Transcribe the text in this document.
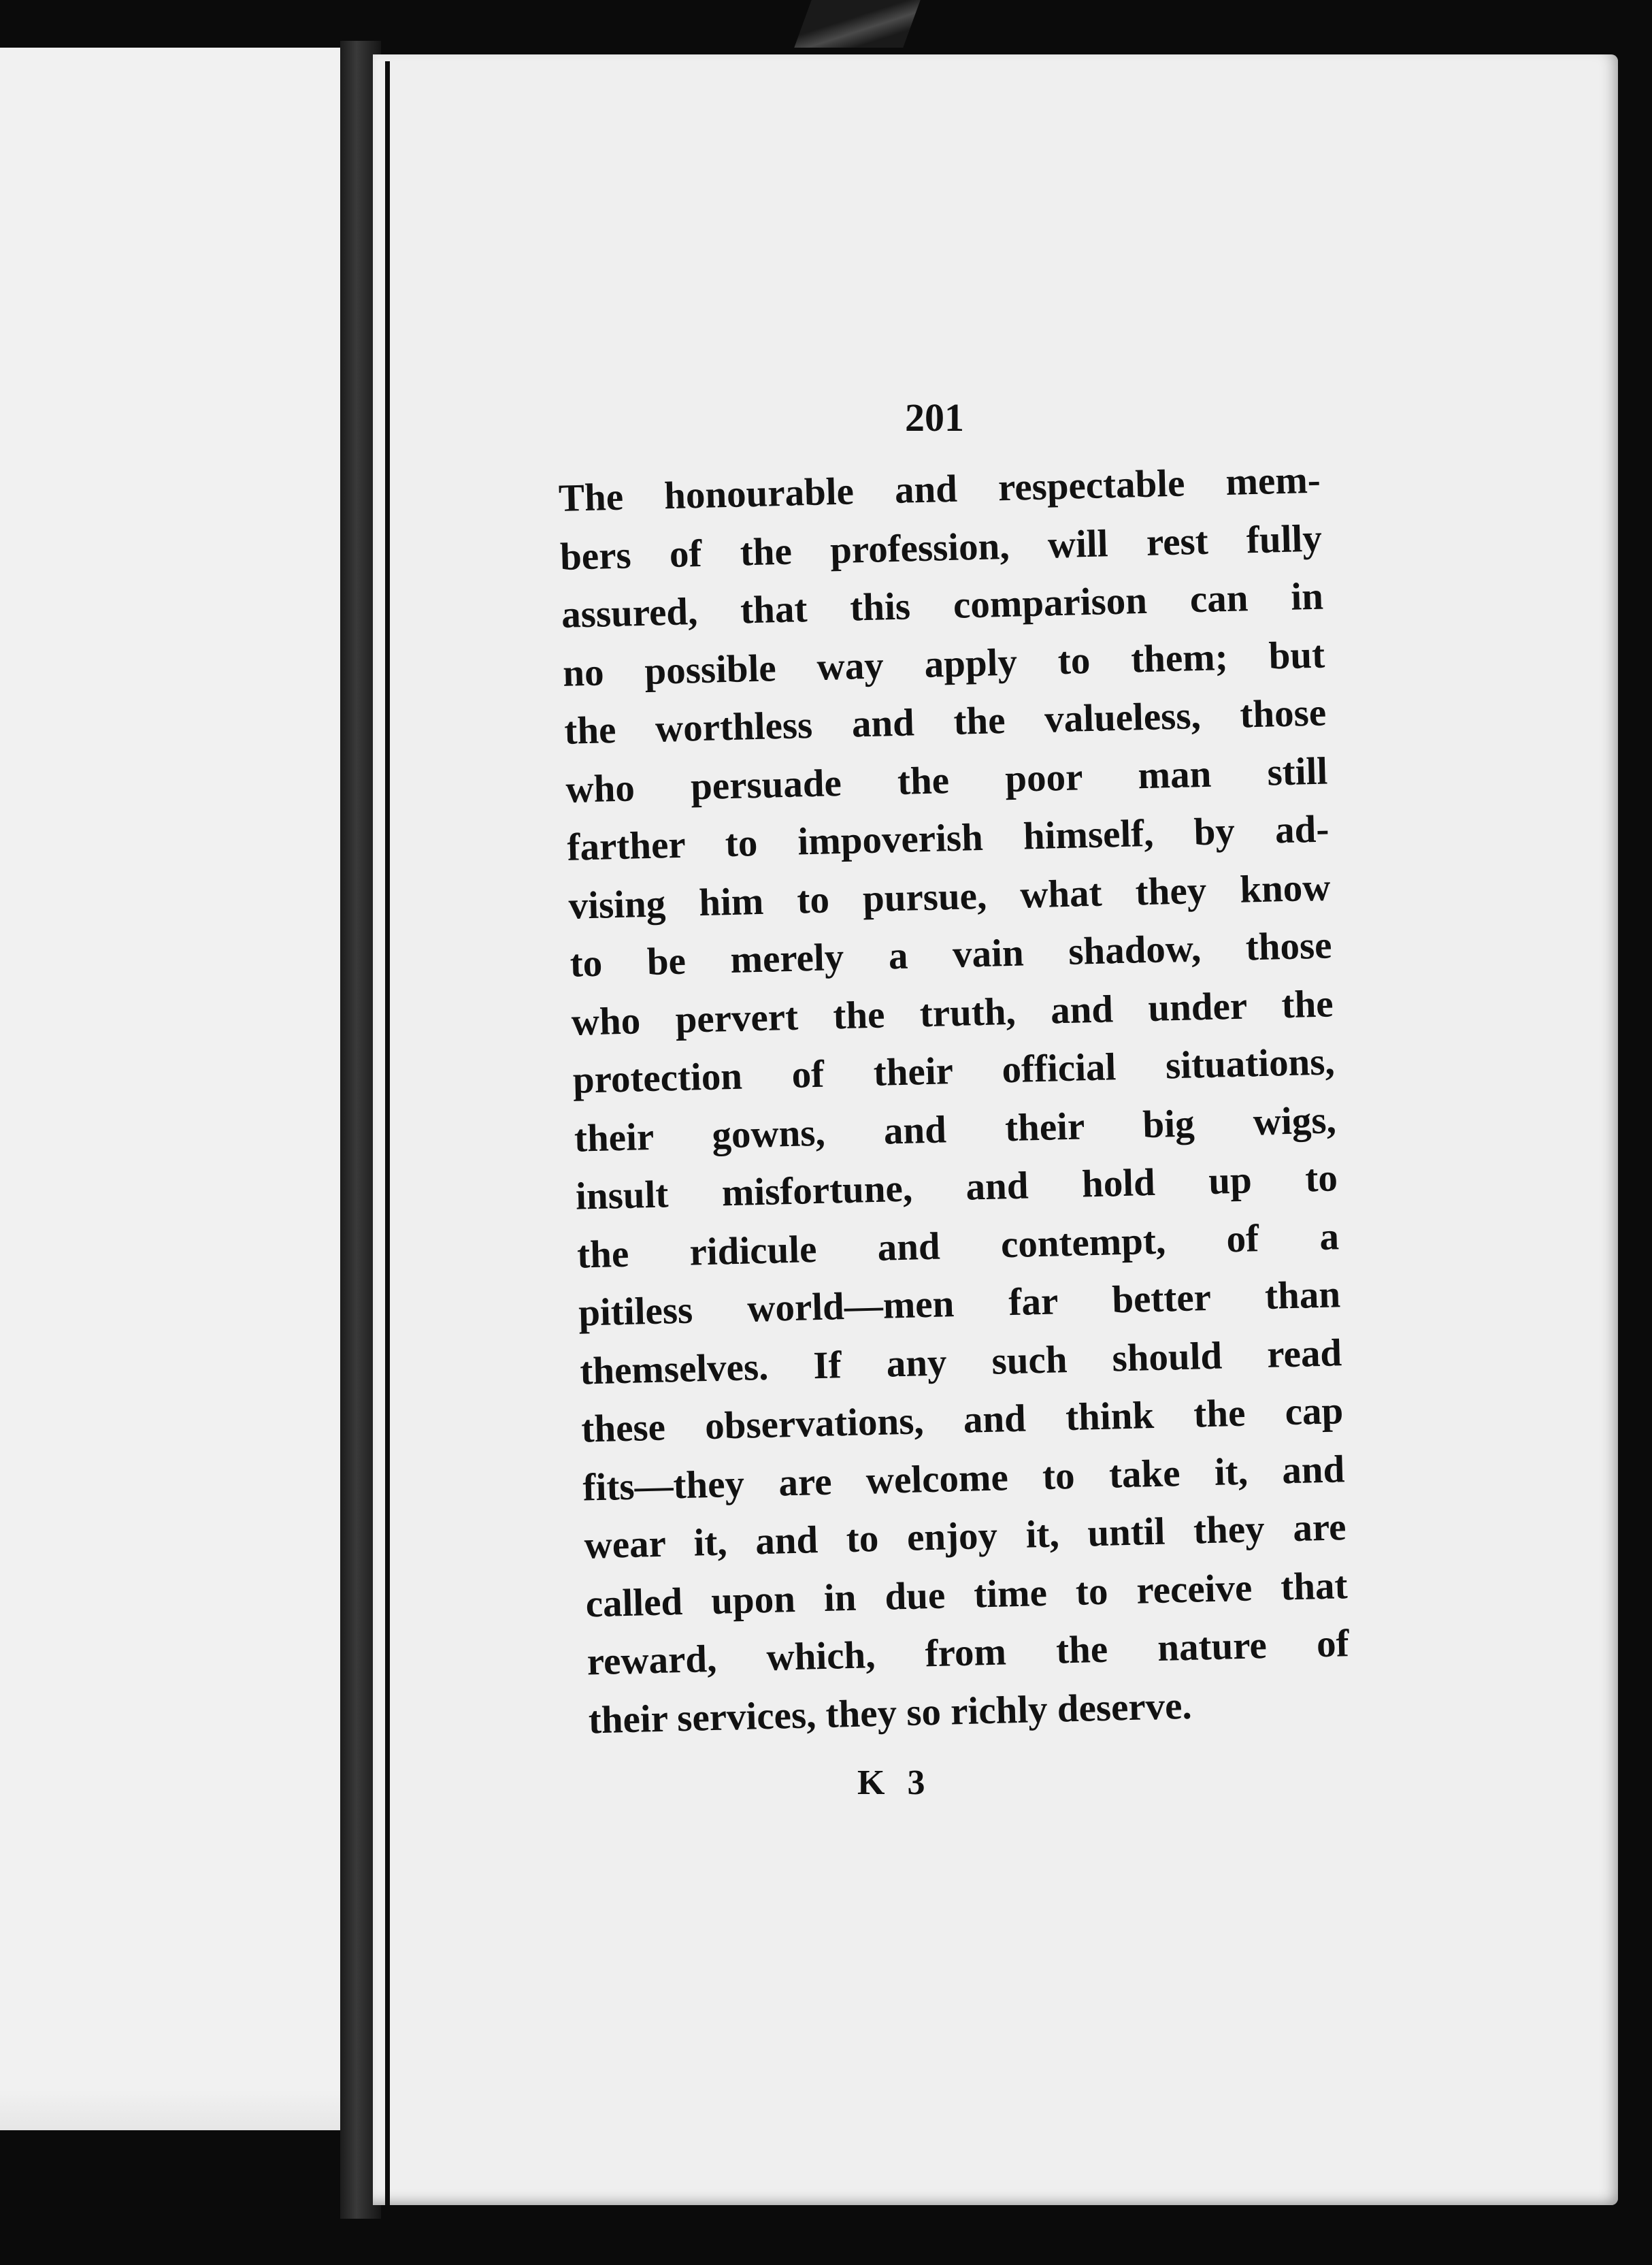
201
The honourable and respectable mem-
bers of the profession, will rest fully
assured, that this comparison can in
no possible way apply to them; but
the worthless and the valueless, those
who persuade the poor man still
farther to impoverish himself, by ad-
vising him to pursue, what they know
to be merely a vain shadow, those
who pervert the truth, and under the
protection of their official situations,
their gowns, and their big wigs,
insult misfortune, and hold up to
the ridicule and contempt, of a
pitiless world—men far better than
themselves. If any such should read
these observations, and think the cap
fits—they are welcome to take it, and
wear it, and to enjoy it, until they are
called upon in due time to receive that
reward, which, from the nature of
their services, they so richly deserve.
K 3
